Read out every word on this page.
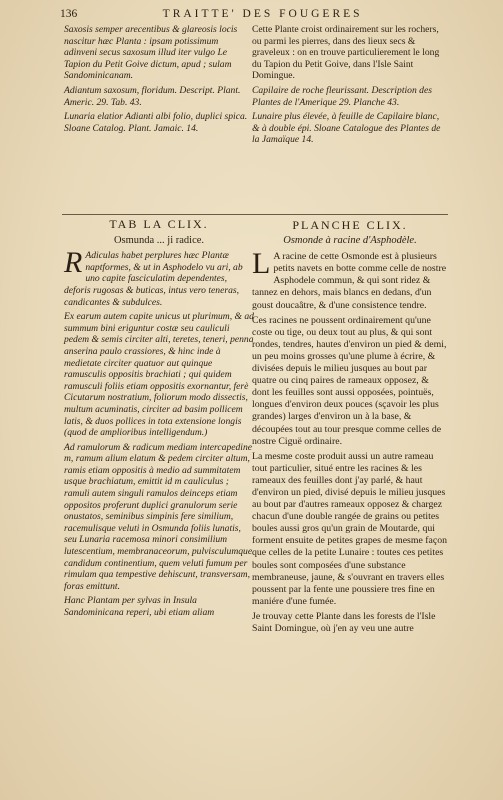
136	TRAITTE' DES FOUGERES

Saxosis semper arecentibus & glareosis locis nascitur hæc Planta : ipsam potissimum adinveni secus saxosum illud iter vulgo Le Tapion du Petit Goive dictum, apud ; sulam Sandominicanam.

Adiantum saxosum, floridum. Descript. Plant. Americ. 29. Tab. 43.

Lunaria elatior Adianti albi folio, duplici spica. Sloane Catalog. Plant. Jamaic. 14.

Cette Plante croist ordinairement sur les rochers, ou parmi les pierres, dans des lieux secs & graveleux : on en trouve particulierement le long du Tapion du Petit Goive, dans l'Isle Saint Domingue.

Capilaire de roche fleurissant. Description des Plantes de l'Amerique 29. Planche 43.

Lunaire plus élevée, à feuille de Capilaire blanc, & à double épi. Sloane Catalogue des Plantes de la Jamaïque 14.

TAB LA CLIX.
Osmunda ... ji radice.

R Adiculas habet perplures hæc Plantæ naptformes, & ut in Asphodelo vu ari, ab uno capite fasciculatim dependentes, deforis rugosas & buticas, intus vero teneras, candicantes & subdulces.

Ex earum autem capite unicus ut plurimum, & ad summum bini eriguntur costæ seu cauliculi pedem & semis circiter alti, teretes, teneri, penna anserina paulo crassiores, & hinc inde à medietate circiter quatuor aut quinque ramusculis oppositis brachiati ; qui quidem ramusculi foliis etiam oppositis exornantur, ferè Cicutarum nostratium, foliorum modo dissectis, multum acuminatis, circiter ad basim pollicem latis, & duos pollices in tota extensione longis (quod de amplioribus intelligendum.)

Ad ramulorum & radicum mediam intercapedine m, ramum alium elatum & pedem circiter altum, ramis etiam oppositis à medio ad summitatem usque brachiatum, emittit id m cauliculus ; ramuli autem singuli ramulos deinceps etiam oppositos proferunt duplici granulorum serie onustatos, seminibus simpinis fere similium, racemulisque veluti in Osmunda foliis lunatis, seu Lunaria racemosa minori consimilium lutescentium, membranaceorum, pulvisculumque candidum continentium, quem veluti fumum per rimulam qua tempestive dehiscunt, transversam, foras emittunt.

Hanc Plantam per sylvas in Insula Sandominicana reperi, ubi etiam aliam

PLANCHE CLIX.
Osmonde à racine d'Asphodèle.

L A racine de cette Osmonde est à plusieurs petits navets en botte comme celle de nostre Asphodele commun, & qui sont ridez & tannez en dehors, mais blancs en dedans, d'un goust doucaâtre, & d'une consistence tendre.

Ces racines ne poussent ordinairement qu'une coste ou tige, ou deux tout au plus, & qui sont rondes, tendres, hautes d'environ un pied & demi, un peu moins grosses qu'une plume à écrire, & divisées depuis le milieu jusques au bout par quatre ou cinq paires de rameaux opposez, & dont les feuilles sont aussi opposées, pointuës, longues d'environ deux pouces (sçavoir les plus grandes) larges d'environ un à la base, & découpées tout au tour presque comme celles de nostre Ciguë ordinaire.

La mesme coste produit aussi un autre rameau tout particulier, situé entre les racines & les rameaux des feuilles dont j'ay parlé, & haut d'environ un pied, divisé depuis le milieu jusques au bout par d'autres rameaux opposez & chargez chacun d'une double rangée de grains ou petites boules aussi gros qu'un grain de Moutarde, qui forment ensuite de petites grapes de mesme façon que celles de la petite Lunaire : toutes ces petites boules sont composées d'une substance membraneuse, jaune, & s'ouvrant en travers elles poussent par la fente une poussiere tres fine en maniére d'une fumée.

Je trouvay cette Plante dans les forests de l'Isle Saint Domingue, où j'en ay veu une autre
